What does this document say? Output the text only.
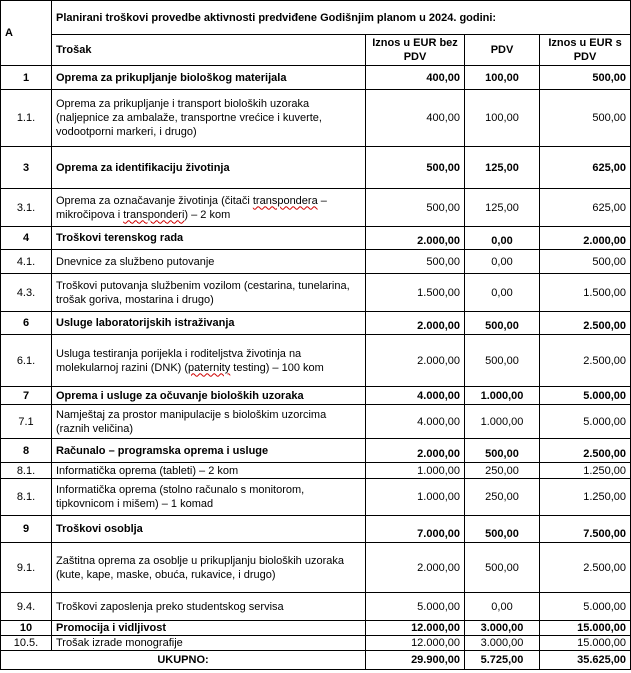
A	Planirani troškovi provedbe aktivnosti predviđene Godišnjim planom u 2024. godini:			
	Trošak	Iznos u EUR bez PDV	PDV	Iznos u EUR s PDV
1	Oprema za prikupljanje biološkog materijala	400,00	100,00	500,00
1.1.	Oprema za prikupljanje i transport bioloških uzoraka (naljepnice za ambalaže, transportne vrećice i kuverte, vodootporni markeri, i drugo)	400,00	100,00	500,00
3	Oprema za identifikaciju životinja	500,00	125,00	625,00
3.1.	Oprema za označavanje životinja (čitači transpondera – mikročipova i transponderi) – 2 kom	500,00	125,00	625,00
4	Troškovi terenskog rada	2.000,00	0,00	2.000,00
4.1.	Dnevnice za službeno putovanje	500,00	0,00	500,00
4.3.	Troškovi putovanja službenim vozilom (cestarina, tunelarina, trošak goriva, mostarina i drugo)	1.500,00	0,00	1.500,00
6	Usluge laboratorijskih istraživanja	2.000,00	500,00	2.500,00
6.1.	Usluga testiranja porijekla i roditeljstva životinja na molekularnoj razini (DNK) (paternity testing) – 100 kom	2.000,00	500,00	2.500,00
7	Oprema i usluge za očuvanje bioloških uzoraka	4.000,00	1.000,00	5.000,00
7.1	Namještaj za prostor manipulacije s biološkim uzorcima (raznih veličina)	4.000,00	1.000,00	5.000,00
8	Računalo – programska oprema i usluge	2.000,00	500,00	2.500,00
8.1.	Informatička oprema (tableti) – 2 kom	1.000,00	250,00	1.250,00
8.1.	Informatička oprema (stolno računalo s monitorom, tipkovnicom i mišem) – 1 komad	1.000,00	250,00	1.250,00
9	Troškovi osoblja	7.000,00	500,00	7.500,00
9.1.	Zaštitna oprema za osoblje u prikupljanju bioloških uzoraka (kute, kape, maske, obuća, rukavice, i drugo)	2.000,00	500,00	2.500,00
9.4.	Troškovi zaposlenja preko studentskog servisa	5.000,00	0,00	5.000,00
10	Promocija i vidljivost	12.000,00	3.000,00	15.000,00
10.5.	Trošak izrade monografije	12.000,00	3.000,00	15.000,00
UKUPNO:		29.900,00	5.725,00	35.625,00
